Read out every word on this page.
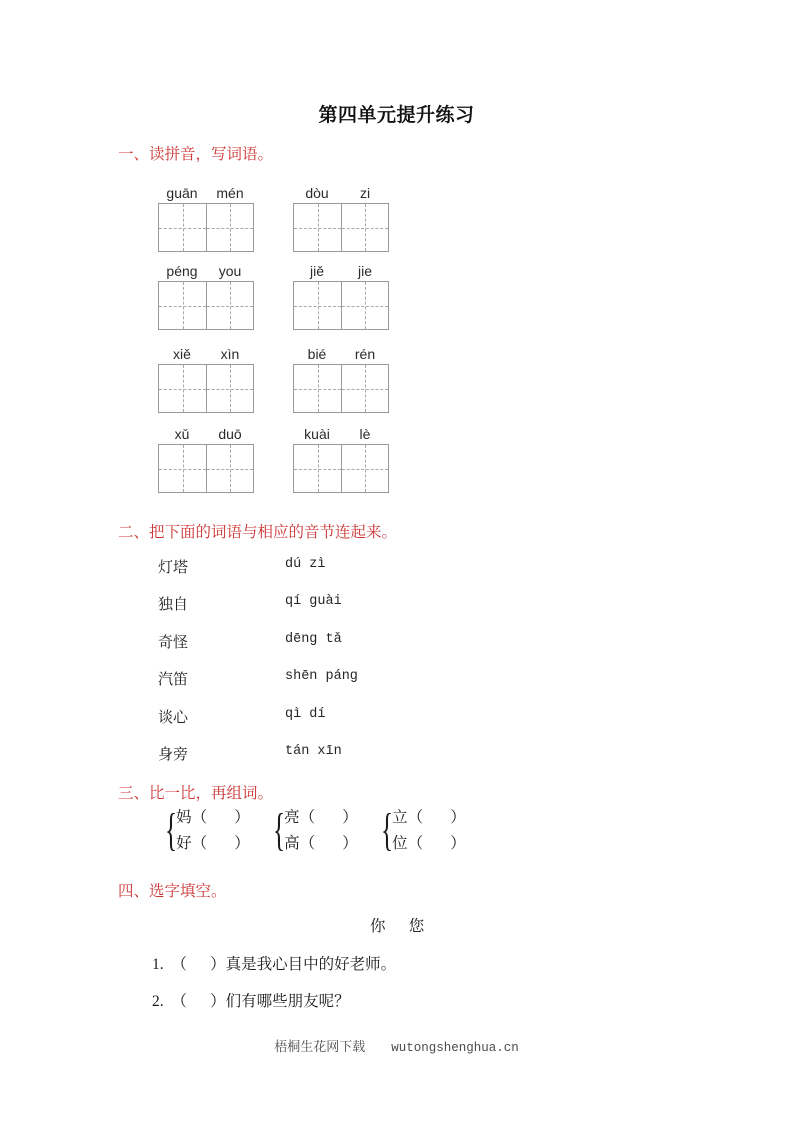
第四单元提升练习
一、读拼音，写词语。
二、把下面的词语与相应的音节连起来。
三、比一比，再组词。
四、选字填空。
guān	mén	dòu	zi
péng	you	jiě	jie
xiě	xìn	bié	rén
xǔ	duō	kuài	lè
灯塔	dú zì
独自	qí guài
奇怪	dēng tǎ
汽笛	shēn páng
谈心	qì dí
身旁	tán xīn
{
妈（       ）
好（       ） {
亮（       ）
高（       ） {
立（       ）
位（       ）
你      您
1.  （      ）真是我心目中的好老师。
2.  （      ）们有哪些朋友呢？
梧桐生花网下载 wutongshenghua.cn
